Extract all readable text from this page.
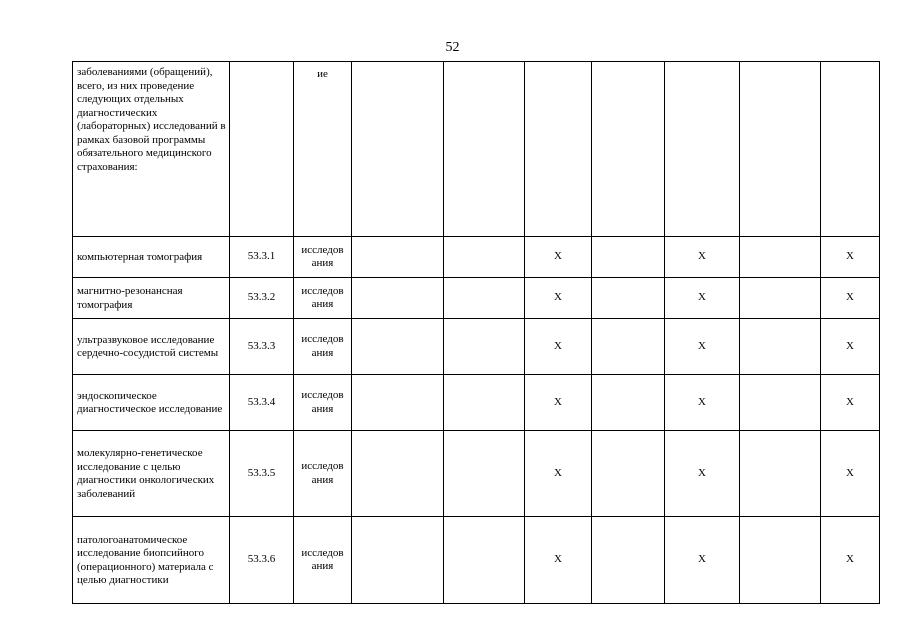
52
заболеваниями (обращений), всего, из них проведение следующих отдельных диагностических (лабораторных) исследований в рамках базовой программы обязательного медицинского страхования:		ие							
компьютерная томография	53.3.1	исследов ания			X		X		X
магнитно-резонансная томография	53.3.2	исследов ания			X		X		X
ультразвуковое исследование сердечно-сосудистой системы	53.3.3	исследов ания			X		X		X
эндоскопическое диагностическое исследование	53.3.4	исследов ания			X		X		X
молекулярно-генетическое исследование с целью диагностики онкологических заболеваний	53.3.5	исследов ания			X		X		X
патологоанатомическое исследование биопсийного (операционного) материала с целью диагностики	53.3.6	исследов ания			X		X		X
